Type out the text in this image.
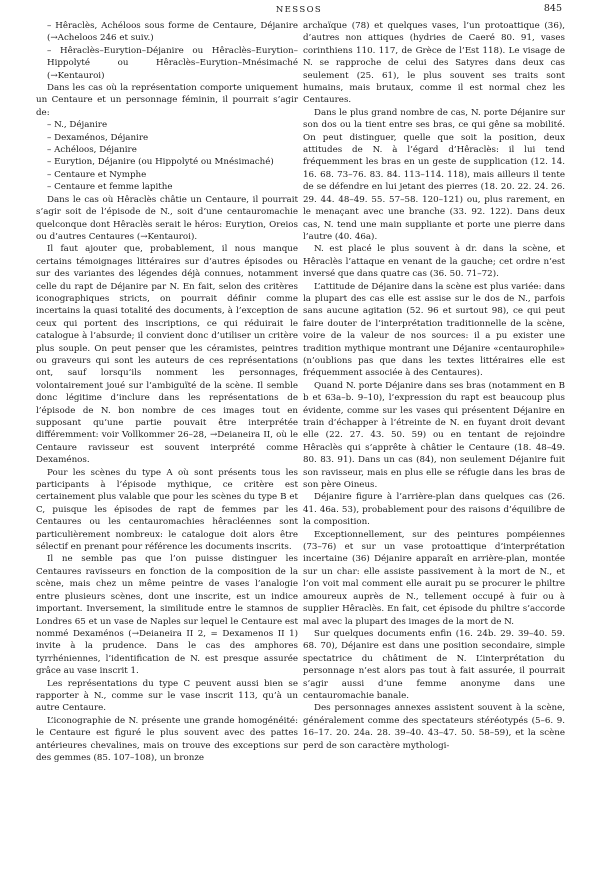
NESSOS	845

– Hêraclès, Achéloos sous forme de Centaure, Déjanire (→Acheloos 246 et suiv.)

– Hêraclès–Eurytion–Déjanire ou Hêraclès–Eurytion–Hippolyté ou Hêraclès–Eurytion–Mnésimaché (→Kentauroi)

Dans les cas où la représentation comporte uniquement un Centaure et un personnage féminin, il pourrait s’agir de:

– N., Déjanire

– Dexaménos, Déjanire

– Achéloos, Déjanire

– Eurytion, Déjanire (ou Hippolyté ou Mnésimaché)

– Centaure et Nymphe

– Centaure et femme lapithe

Dans le cas où Hêraclès châtie un Centaure, il pourrait s’agir soit de l’épisode de N., soit d’une centauromachie quelconque dont Hêraclès serait le héros: Eurytion, Oreios ou d’autres Centaures (→Kentauroi).

Il faut ajouter que, probablement, il nous manque certains témoignages littéraires sur d’autres épisodes ou sur des variantes des légendes déjà connues, notamment celle du rapt de Déjanire par N. En fait, selon des critères iconographiques stricts, on pourrait définir comme incertains la quasi totalité des documents, à l’exception de ceux qui portent des inscriptions, ce qui réduirait le catalogue à l’absurde; il convient donc d’utiliser un critère plus souple. On peut penser que les céramistes, peintres ou graveurs qui sont les auteurs de ces représentations ont, sauf lorsqu’ils nomment les personnages, volontairement joué sur l’ambiguïté de la scène. Il semble donc légitime d’inclure dans les représentations de l’épisode de N. bon nombre de ces images tout en supposant qu’une partie pouvait être interprétée différemment: voir Vollkommer 26–28, →Deianeira II, où le Centaure ravisseur est souvent interprété comme Dexaménos.

Pour les scènes du type A où sont présents tous les participants à l’épisode mythique, ce critère est certainement plus valable que pour les scènes du type B et C, puisque les épisodes de rapt de femmes par les Centaures ou les centauromachies hêracléennes sont particulièrement nombreux: le catalogue doit alors être sélectif en prenant pour référence les documents inscrits.

Il ne semble pas que l’on puisse distinguer les Centaures ravisseurs en fonction de la composition de la scène, mais chez un même peintre de vases l’analogie entre plusieurs scènes, dont une inscrite, est un indice important. Inversement, la similitude entre le stamnos de Londres 65 et un vase de Naples sur lequel le Centaure est nommé Dexaménos (→Deianeira II 2, = Dexamenos II 1) invite à la prudence. Dans le cas des amphores tyrrhéniennes, l’identification de N. est presque assurée grâce au vase inscrit 1.

Les représentations du type C peuvent aussi bien se rapporter à N., comme sur le vase inscrit 113, qu’à un autre Centaure.

L’iconographie de N. présente une grande homogénéité: le Centaure est figuré le plus souvent avec des pattes antérieures chevalines, mais on trouve des exceptions sur des gemmes (85. 107–108), un bronze

archaïque (78) et quelques vases, l’un protoattique (36), d’autres non attiques (hydries de Caeré 80. 91, vases corinthiens 110. 117, de Grèce de l’Est 118). Le visage de N. se rapproche de celui des Satyres dans deux cas seulement (25. 61), le plus souvent ses traits sont humains, mais brutaux, comme il est normal chez les Centaures.

Dans le plus grand nombre de cas, N. porte Déjanire sur son dos ou la tient entre ses bras, ce qui gêne sa mobilité. On peut distinguer, quelle que soit la position, deux attitudes de N. à l’égard d’Hêraclès: il lui tend fréquemment les bras en un geste de supplication (12. 14. 16. 68. 73–76. 83. 84. 113–114. 118), mais ailleurs il tente de se défendre en lui jetant des pierres (18. 20. 22. 24. 26. 29. 44. 48–49. 55. 57–58. 120–121) ou, plus rarement, en le menaçant avec une branche (33. 92. 122). Dans deux cas, N. tend une main suppliante et porte une pierre dans l’autre (40. 46a).

N. est placé le plus souvent à dr. dans la scène, et Hêraclès l’attaque en venant de la gauche; cet ordre n’est inversé que dans quatre cas (36. 50. 71–72).

L’attitude de Déjanire dans la scène est plus variée: dans la plupart des cas elle est assise sur le dos de N., parfois sans aucune agitation (52. 96 et surtout 98), ce qui peut faire douter de l’interprétation traditionnelle de la scène, voire de la valeur de nos sources: il a pu exister une tradition mythique montrant une Déjanire «centaurophile» (n’oublions pas que dans les textes littéraires elle est fréquemment associée à des Centaures).

Quand N. porte Déjanire dans ses bras (notamment en B b et 63a–b. 9–10), l’expression du rapt est beaucoup plus évidente, comme sur les vases qui présentent Déjanire en train d’échapper à l’étreinte de N. en fuyant droit devant elle (22. 27. 43. 50. 59) ou en tentant de rejoindre Hêraclès qui s’apprête à châtier le Centaure (18. 48–49. 80. 83. 91). Dans un cas (84), non seulement Déjanire fuit son ravisseur, mais en plus elle se réfugie dans les bras de son père Oineus.

Déjanire figure à l’arrière-plan dans quelques cas (26. 41. 46a. 53), probablement pour des raisons d’équilibre de la composition.

Exceptionnellement, sur des peintures pompéiennes (73–76) et sur un vase protoattique d’interprétation incertaine (36) Déjanire apparaît en arrière-plan, montée sur un char: elle assiste passivement à la mort de N., et l’on voit mal comment elle aurait pu se procurer le philtre amoureux auprès de N., tellement occupé à fuir ou à supplier Hêraclès. En fait, cet épisode du philtre s’accorde mal avec la plupart des images de la mort de N.

Sur quelques documents enfin (16. 24b. 29. 39–40. 59. 68. 70), Déjanire est dans une position secondaire, simple spectatrice du châtiment de N. L’interprétation du personnage n’est alors pas tout à fait assurée, il pourrait s’agir aussi d’une femme anonyme dans une centauromachie banale.

Des personnages annexes assistent souvent à la scène, généralement comme des spectateurs stéréotypés (5–6. 9. 16–17. 20. 24a. 28. 39–40. 43–47. 50. 58–59), et la scène perd de son caractère mythologi-
